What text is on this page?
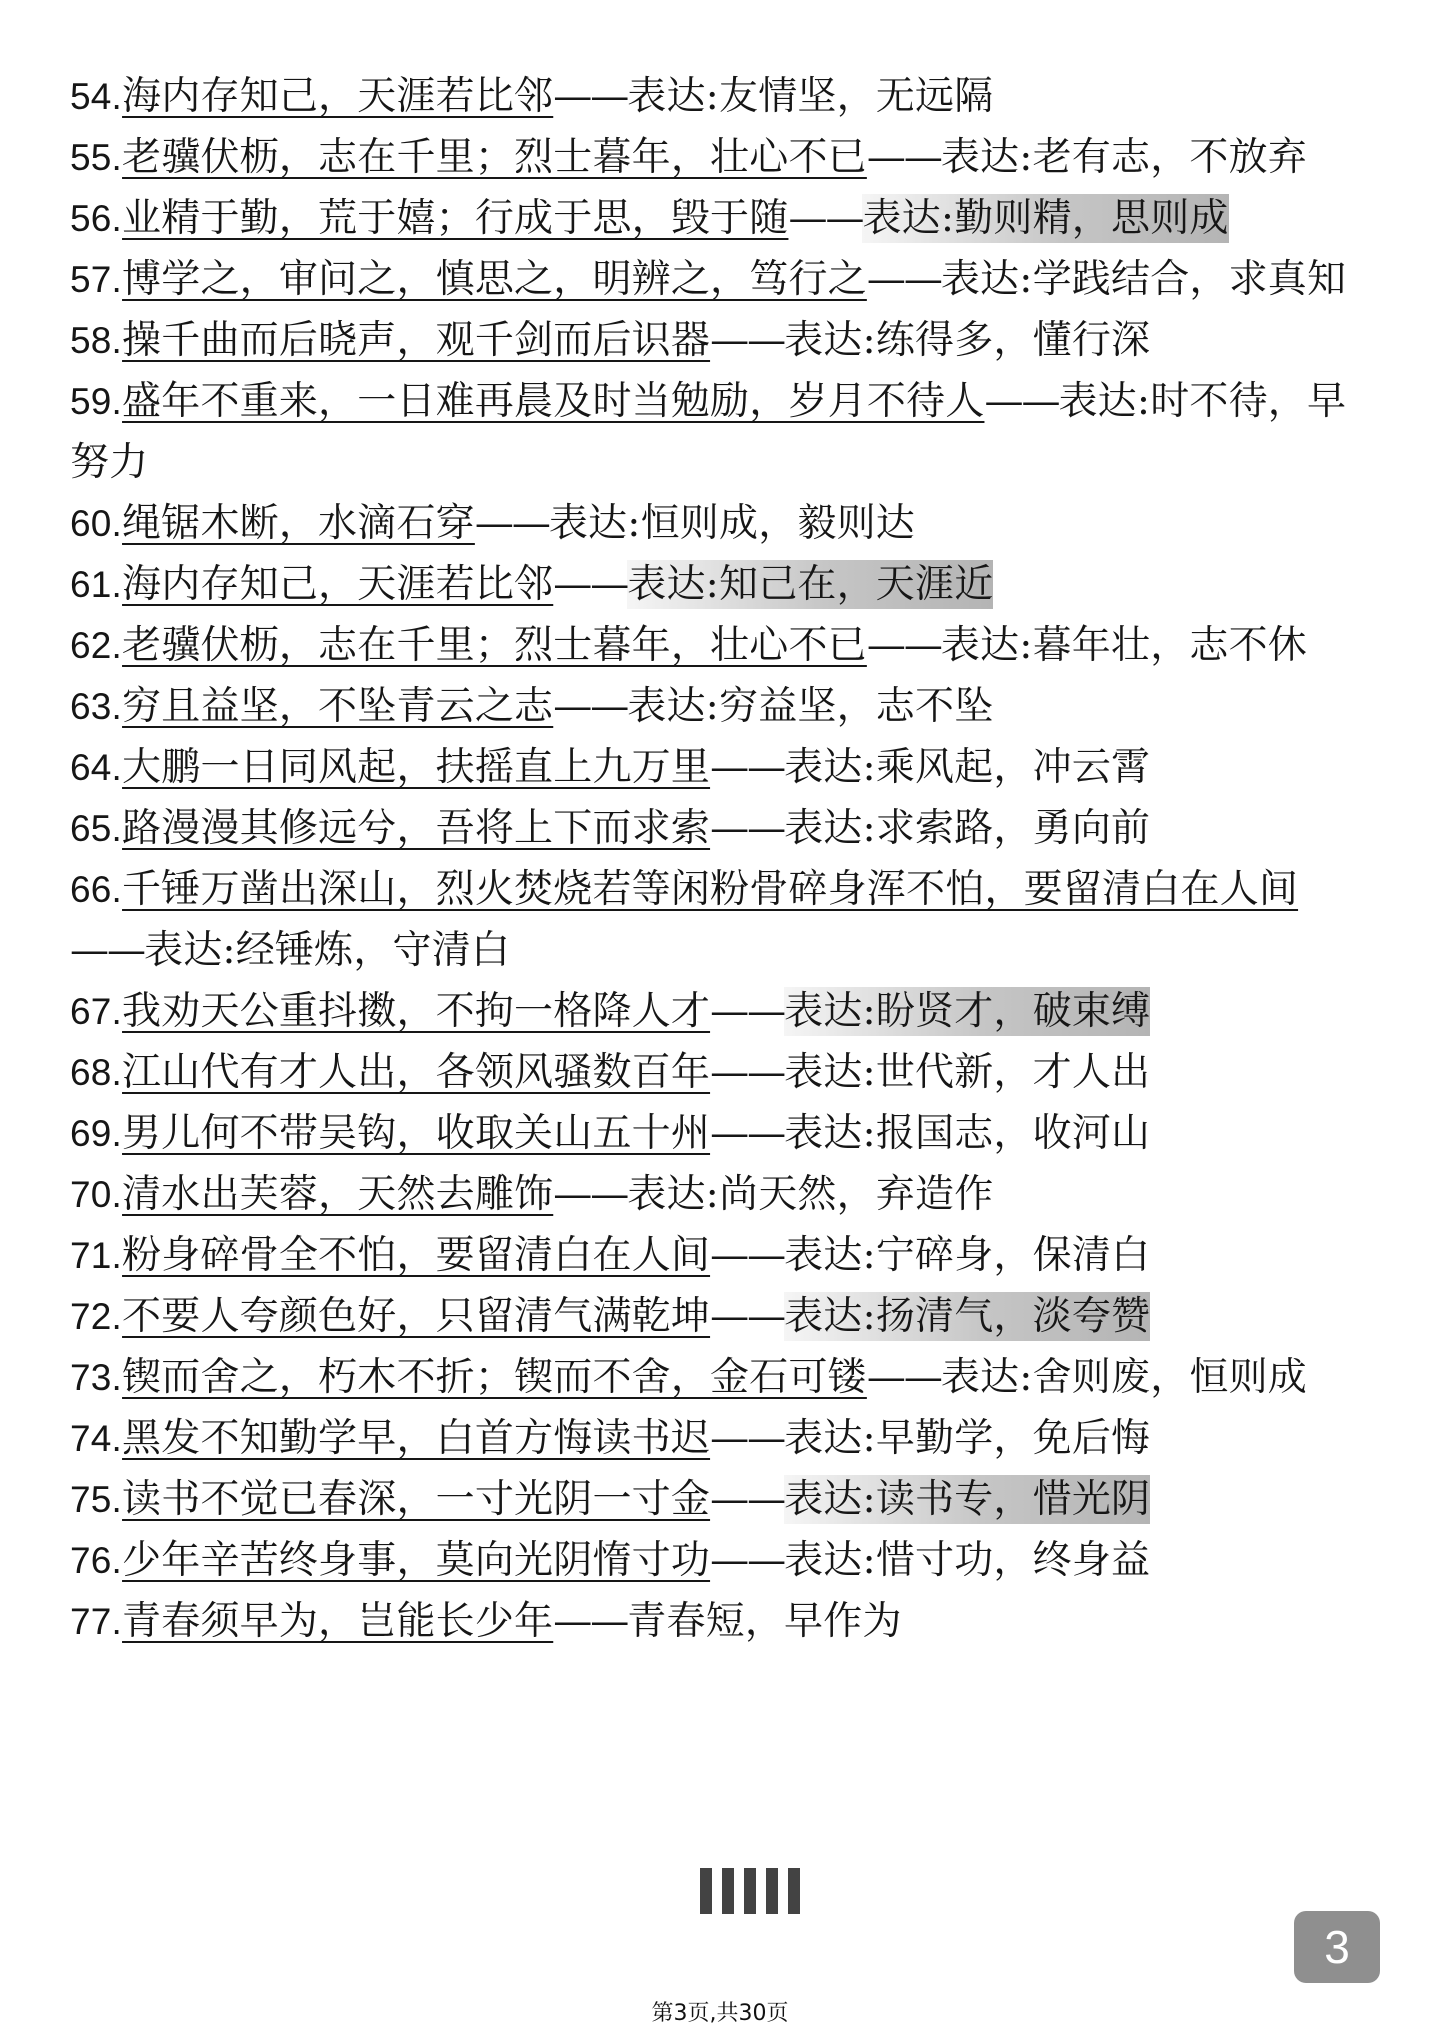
54.海内存知己，天涯若比邻——表达:友情坚，无远隔
55.老骥伏枥，志在千里；烈士暮年，壮心不已——表达:老有志，不放弃
56.业精于勤，荒于嬉；行成于思，毁于随——表达:勤则精，思则成
57.博学之，审问之，慎思之，明辨之，笃行之——表达:学践结合，求真知
58.操千曲而后晓声，观千剑而后识器——表达:练得多，懂行深
59.盛年不重来，一日难再晨及时当勉励，岁月不待人——表达:时不待，早努力
60.绳锯木断，水滴石穿——表达:恒则成，毅则达
61.海内存知己，天涯若比邻——表达:知己在，天涯近
62.老骥伏枥，志在千里；烈士暮年，壮心不已——表达:暮年壮，志不休
63.穷且益坚，不坠青云之志——表达:穷益坚，志不坠
64.大鹏一日同风起，扶摇直上九万里——表达:乘风起，冲云霄
65.路漫漫其修远兮，吾将上下而求索——表达:求索路，勇向前
66.千锤万凿出深山，烈火焚烧若等闲粉骨碎身浑不怕，要留清白在人间——表达:经锤炼，守清白
67.我劝天公重抖擞，不拘一格降人才——表达:盼贤才，破束缚
68.江山代有才人出，各领风骚数百年——表达:世代新，才人出
69.男儿何不带吴钩，收取关山五十州——表达:报国志，收河山
70.清水出芙蓉，天然去雕饰——表达:尚天然，弃造作
71.粉身碎骨全不怕，要留清白在人间——表达:宁碎身，保清白
72.不要人夸颜色好，只留清气满乾坤——表达:扬清气，淡夸赞
73.锲而舍之，朽木不折；锲而不舍，金石可镂——表达:舍则废，恒则成
74.黑发不知勤学早，白首方悔读书迟——表达:早勤学，免后悔
75.读书不觉已春深，一寸光阴一寸金——表达:读书专，惜光阴
76.少年辛苦终身事，莫向光阴惰寸功——表达:惜寸功，终身益
77.青春须早为，岂能长少年——青春短，早作为
3
第3页,共30页
